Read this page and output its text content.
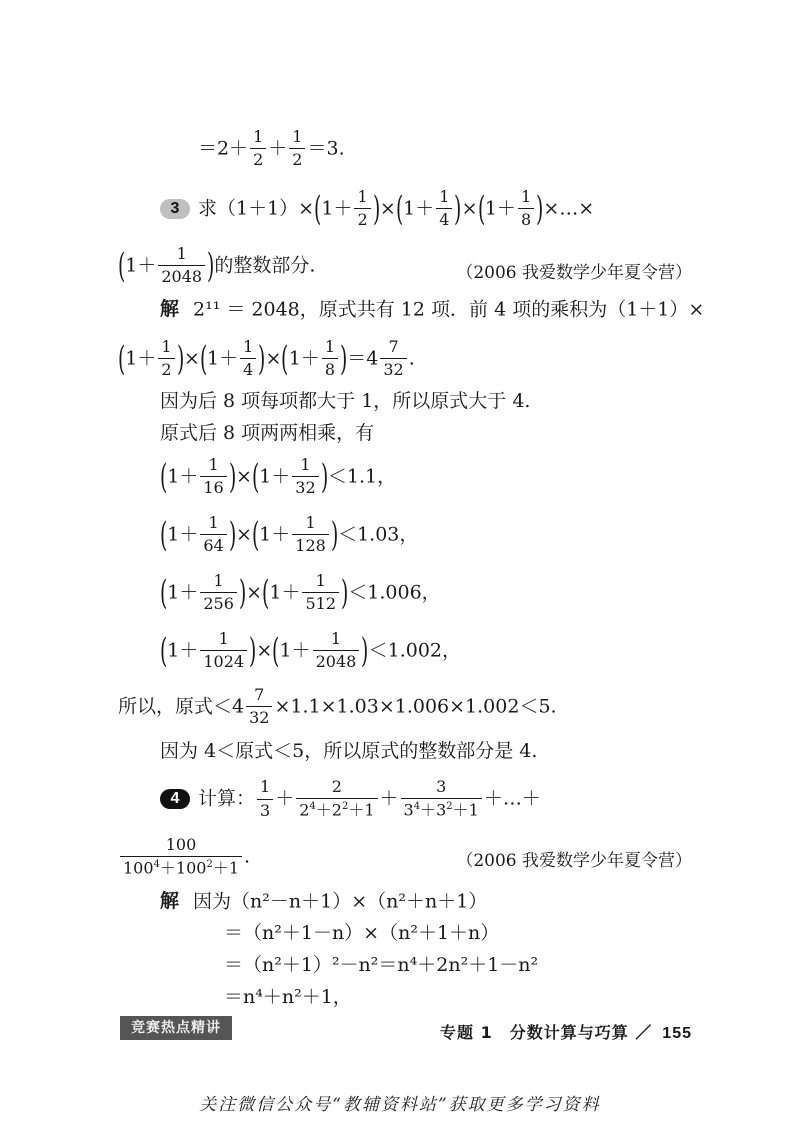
$=2+ \frac{1}{2} + \frac{1}{2} =3$.
3 求$(1+1)\times(1+ \frac{1}{2} )\times(1+ \frac{1}{4} )\times(1+ \frac{1}{8}$ )×…×
($1+ \frac{1}{2048}$ )的整数部分.	（2006 我爱数学少年夏令营）
解 2¹¹ ＝ 2048，原式共有 12 项．前 4 项的乘积为（1＋1）×
$(1+ \frac{1}{2} )\times(1+ \frac{1}{4} )\times(1+ \frac{1}{8} )=4 \frac{7}{32}$ .
因为后 8 项每项都大于 1，所以原式大于 4.
原式后 8 项两两相乘，有
$(1+ \frac{1}{16} )\times(1+ \frac{1}{32} )<1.1$，
$(1+ \frac{1}{64} )\times(1+ \frac{1}{128} )<1.03$，
$(1+ \frac{1}{256} )\times(1+ \frac{1}{512} )<1.006$，
$(1+ \frac{1}{1024} )\times(1+ \frac{1}{2048} )<1.002$，
所以，原式$<4 \frac{7}{32} \times 1.1\times 1.03\times 1.006\times 1.002<5$.
因为 4＜原式＜5，所以原式的整数部分是 4.
4 计算： $\frac{1}{3} + \frac{2}{2^4+2^2+1} + \frac{3}{3^4+3^2+1}$ ＋…＋
$\frac{100}{100^4+100^2+1}$ .	（2006 我爱数学少年夏令营）
解 因为（n²－n＋1）×（n²＋n＋1）
＝（n²＋1－n）×（n²＋1＋n）
＝（n²＋1）²－n²＝n⁴＋2n²＋1－n²
＝n⁴＋n²＋1，
竞赛热点精讲	专题 1　分数计算与巧算 ／ 155
关注微信公众号“教辅资料站”获取更多学习资料
